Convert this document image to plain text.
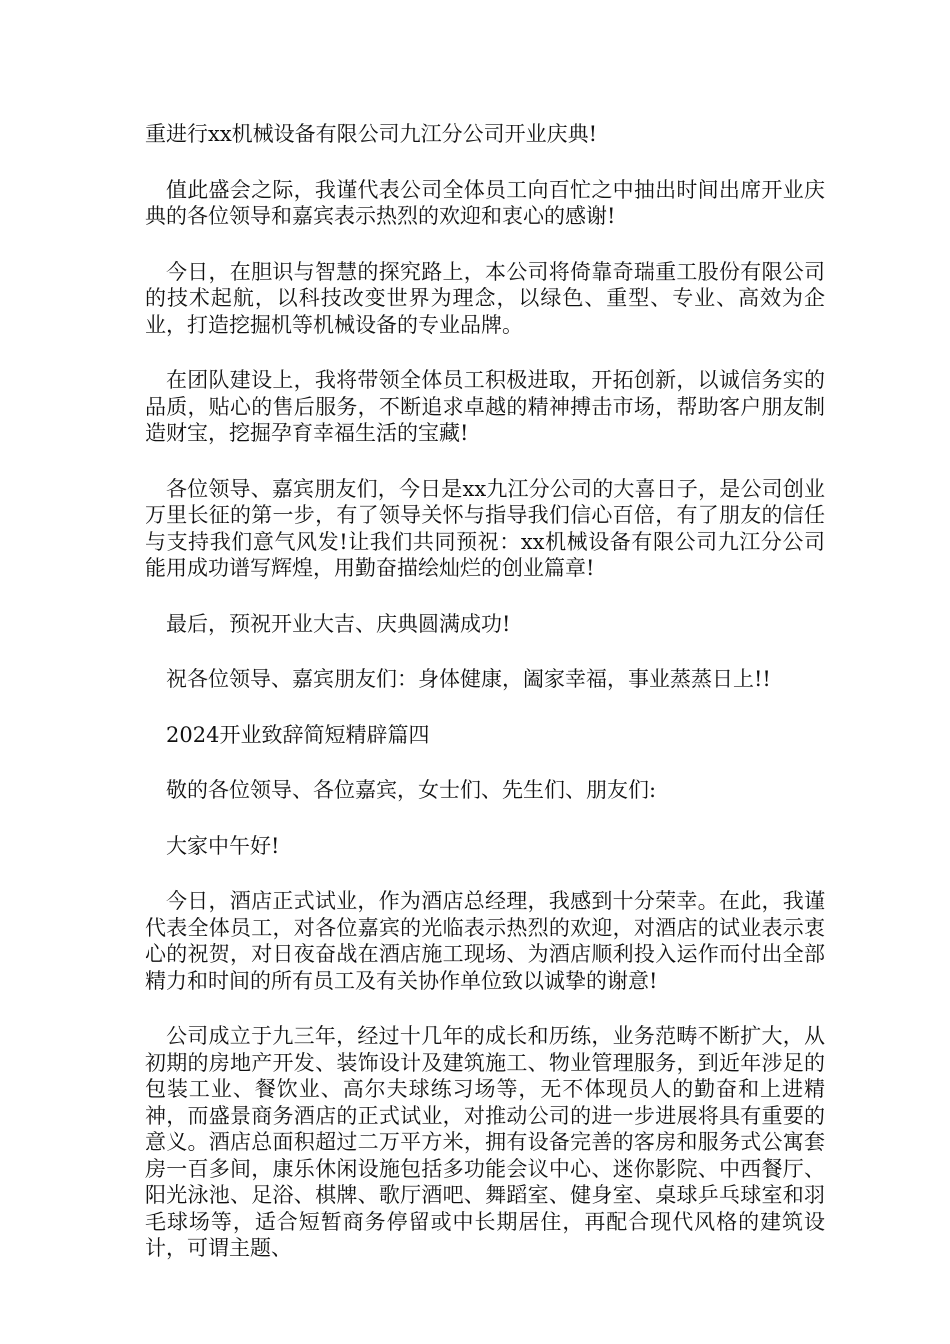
重进行xx机械设备有限公司九江分公司开业庆典!

值此盛会之际，我谨代表公司全体员工向百忙之中抽出时间出席开业庆典的各位领导和嘉宾表示热烈的欢迎和衷心的感谢!

今日，在胆识与智慧的探究路上，本公司将倚靠奇瑞重工股份有限公司的技术起航，以科技改变世界为理念，以绿色、重型、专业、高效为企业，打造挖掘机等机械设备的专业品牌。

在团队建设上，我将带领全体员工积极进取，开拓创新，以诚信务实的品质，贴心的售后服务，不断追求卓越的精神搏击市场，帮助客户朋友制造财宝，挖掘孕育幸福生活的宝藏!

各位领导、嘉宾朋友们，今日是xx九江分公司的大喜日子，是公司创业万里长征的第一步，有了领导关怀与指导我们信心百倍，有了朋友的信任与支持我们意气风发!让我们共同预祝：xx机械设备有限公司九江分公司能用成功谱写辉煌，用勤奋描绘灿烂的创业篇章!

最后，预祝开业大吉、庆典圆满成功!

祝各位领导、嘉宾朋友们：身体健康，阖家幸福，事业蒸蒸日上!!

2024开业致辞简短精辟篇四

敬的各位领导、各位嘉宾，女士们、先生们、朋友们:

大家中午好!

今日，酒店正式试业，作为酒店总经理，我感到十分荣幸。在此，我谨代表全体员工，对各位嘉宾的光临表示热烈的欢迎，对酒店的试业表示衷心的祝贺，对日夜奋战在酒店施工现场、为酒店顺利投入运作而付出全部精力和时间的所有员工及有关协作单位致以诚挚的谢意!

公司成立于九三年，经过十几年的成长和历练，业务范畴不断扩大，从初期的房地产开发、装饰设计及建筑施工、物业管理服务，到近年涉足的包装工业、餐饮业、高尔夫球练习场等，无不体现员人的勤奋和上进精神，而盛景商务酒店的正式试业，对推动公司的进一步进展将具有重要的意义。酒店总面积超过二万平方米，拥有设备完善的客房和服务式公寓套房一百多间，康乐休闲设施包括多功能会议中心、迷你影院、中西餐厅、阳光泳池、足浴、棋牌、歌厅酒吧、舞蹈室、健身室、桌球乒乓球室和羽毛球场等，适合短暂商务停留或中长期居住，再配合现代风格的建筑设计，可谓主题、
